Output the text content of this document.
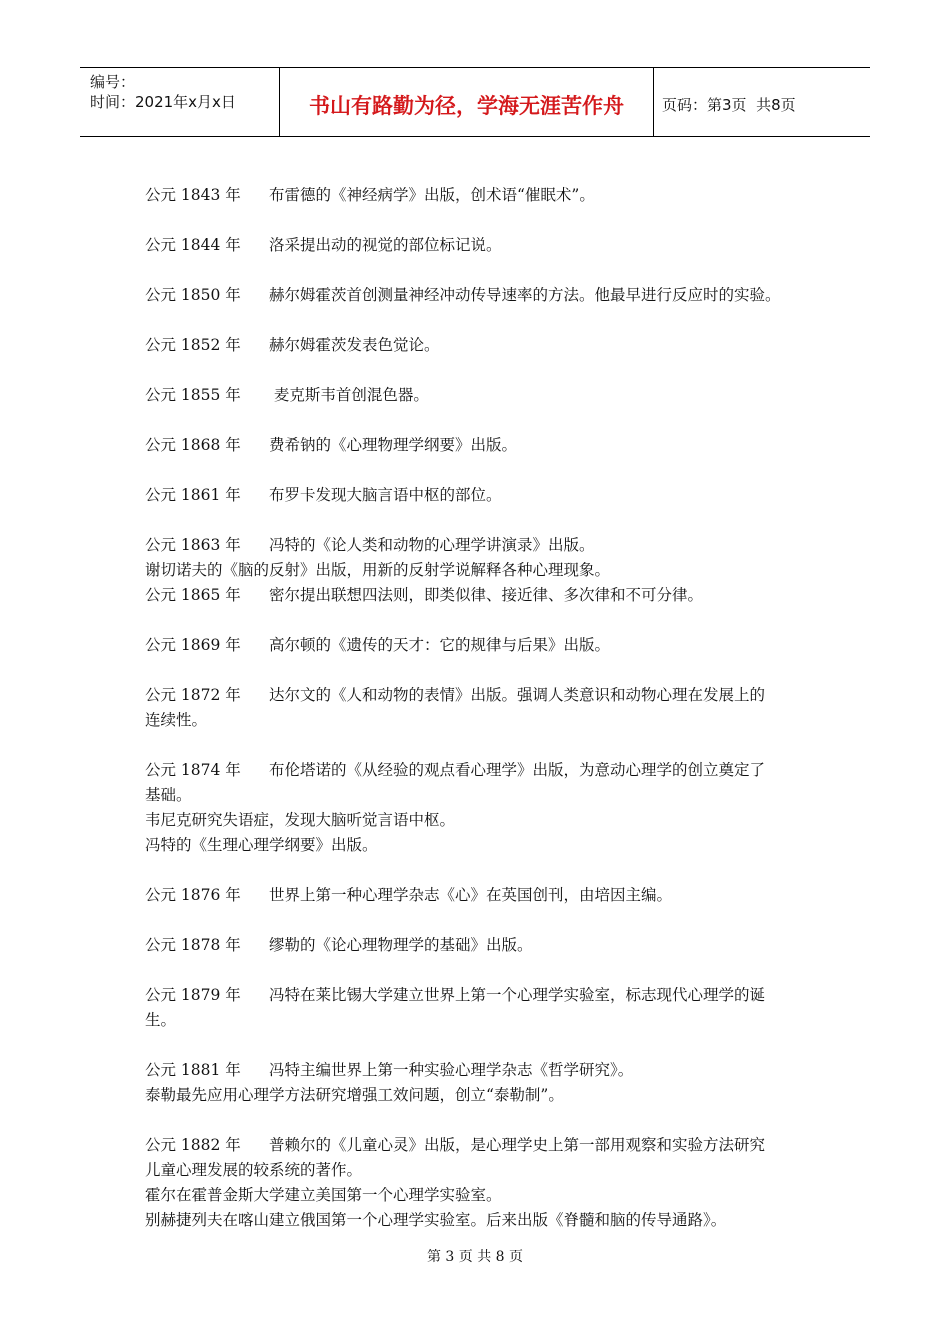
编号：
时间：2021年x月x日	书山有路勤为径，学海无涯苦作舟	页码：第3页  共8页
公元 1843 年 布雷德的《神经病学》出版，创术语“催眠术”。
公元 1844 年 洛采提出动的视觉的部位标记说。
公元 1850 年 赫尔姆霍茨首创测量神经冲动传导速率的方法。他最早进行反应时的实验。
公元 1852 年 赫尔姆霍茨发表色觉论。
公元 1855 年 麦克斯韦首创混色器。
公元 1868 年 费希钠的《心理物理学纲要》出版。
公元 1861 年 布罗卡发现大脑言语中枢的部位。
公元 1863 年 冯特的《论人类和动物的心理学讲演录》出版。
谢切诺夫的《脑的反射》出版，用新的反射学说解释各种心理现象。
公元 1865 年 密尔提出联想四法则，即类似律、接近律、多次律和不可分律。
公元 1869 年 高尔顿的《遗传的天才：它的规律与后果》出版。
公元 1872 年 达尔文的《人和动物的表情》出版。强调人类意识和动物心理在发展上的
连续性。
公元 1874 年 布伦塔诺的《从经验的观点看心理学》出版，为意动心理学的创立奠定了
基础。
韦尼克研究失语症，发现大脑听觉言语中枢。
冯特的《生理心理学纲要》出版。
公元 1876 年 世界上第一种心理学杂志《心》在英国创刊，由培因主编。
公元 1878 年 缪勒的《论心理物理学的基础》出版。
公元 1879 年 冯特在莱比锡大学建立世界上第一个心理学实验室，标志现代心理学的诞
生。
公元 1881 年 冯特主编世界上第一种实验心理学杂志《哲学研究》。
泰勒最先应用心理学方法研究增强工效问题，创立“泰勒制”。
公元 1882 年 普赖尔的《儿童心灵》出版，是心理学史上第一部用观察和实验方法研究
儿童心理发展的较系统的著作。
霍尔在霍普金斯大学建立美国第一个心理学实验室。
别赫捷列夫在喀山建立俄国第一个心理学实验室。后来出版《脊髓和脑的传导通路》。
第 3 页 共 8 页
